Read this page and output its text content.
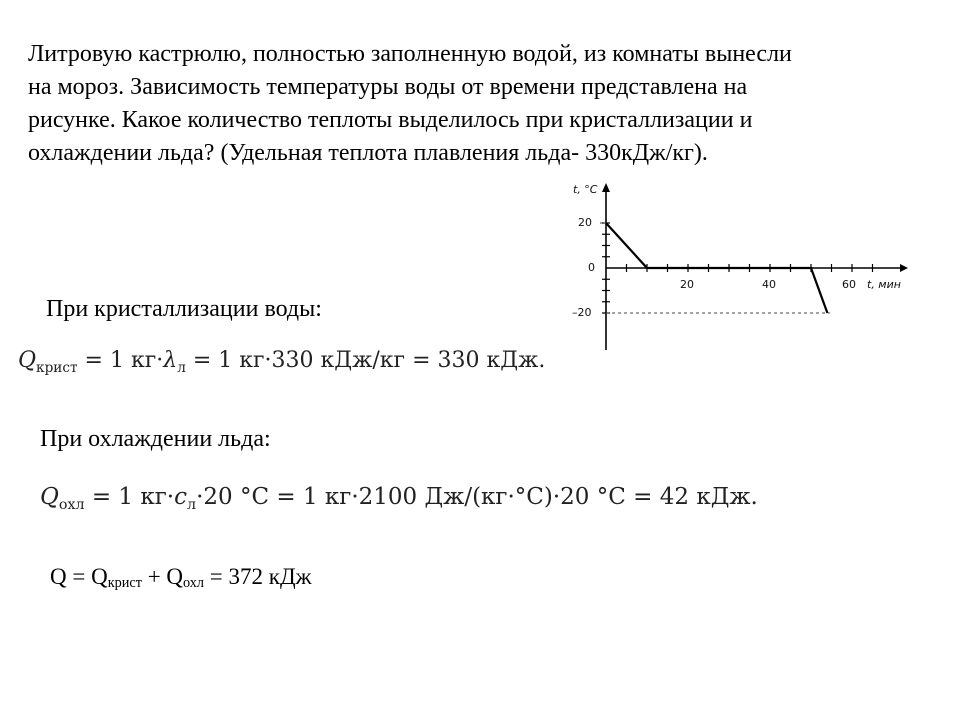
Литровую кастрюлю, полностью заполненную водой, из комнаты вынесли
на мороз. Зависимость температуры воды от времени представлена на
рисунке. Какое количество теплоты выделилось при кристаллизации и
охлаждении льда? (Удельная теплота плавления льда- 330кДж/кг).
t, °C
t, мин
20
0
–20
20	40	60

При кристаллизации воды:

$Q_{крист} = 1$ $кг\cdot\lambda_л = 1$ кг·330 кДж/кг = 330 кДж.

При охлаждении льда:

$Q_{охл} = 1$ $кг\cdot c_л\cdot 20$ °C = 1 кг·2100 Дж/(кг·°C)·20 °C = 42 кДж.
$Q = Q_{крист} + Q_{охл} = 372$ кДж
